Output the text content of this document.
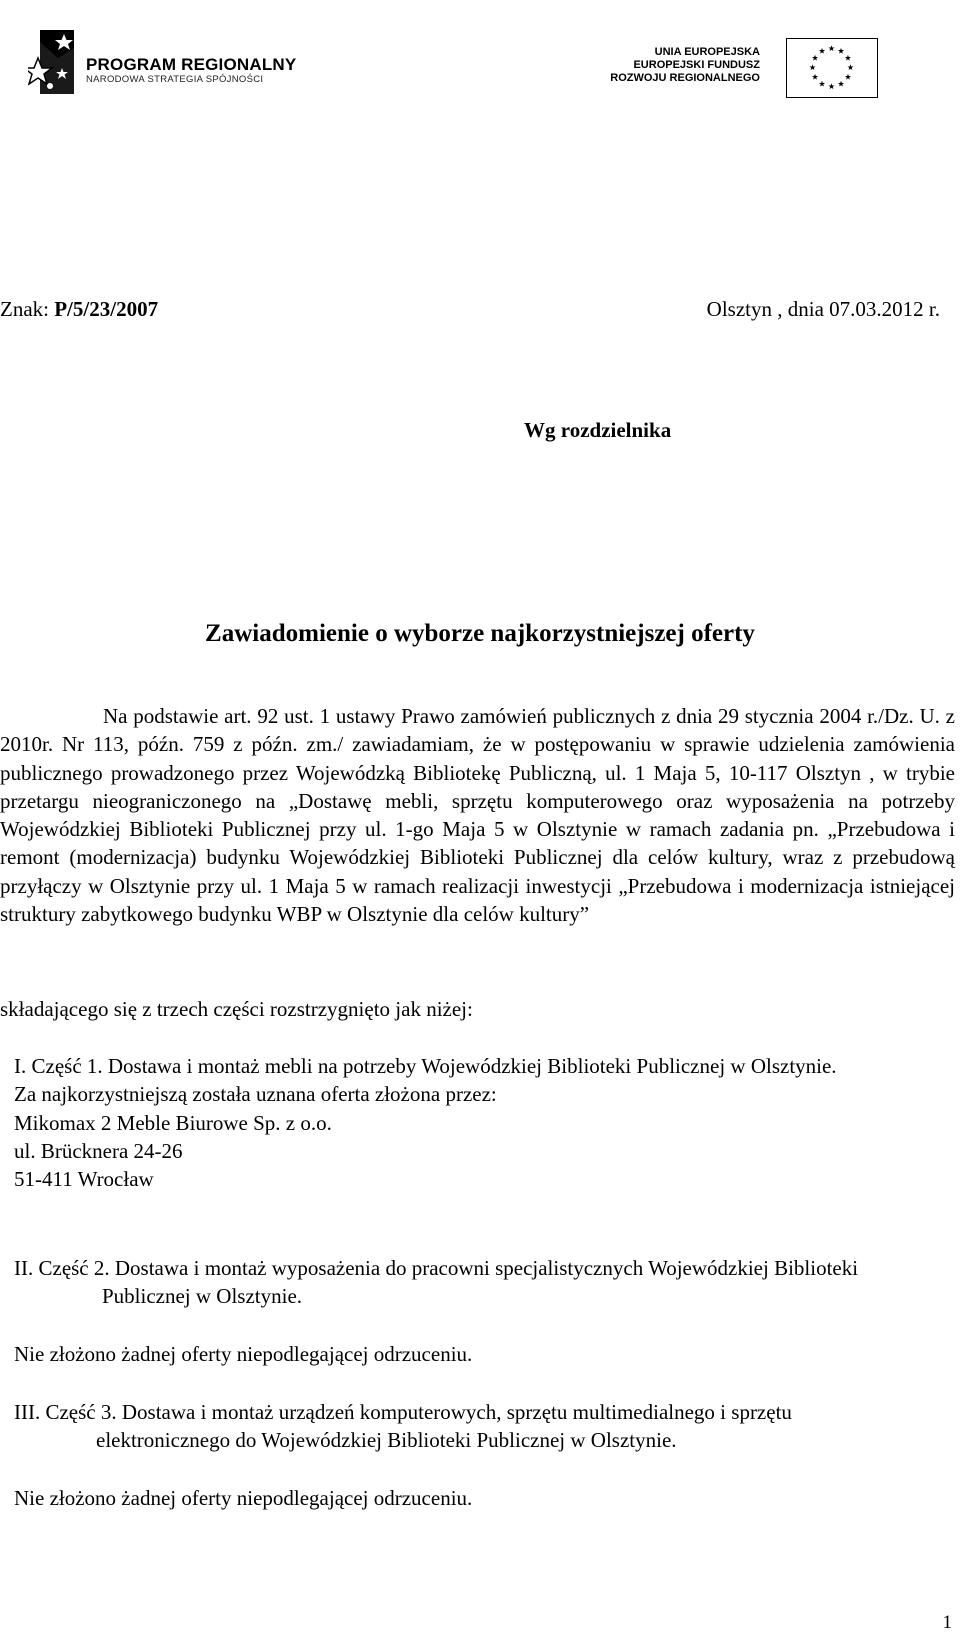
PROGRAM REGIONALNY
NARODOWA STRATEGIA SPÓJNOŚCI
UNIA EUROPEJSKA
EUROPEJSKI FUNDUSZ
ROZWOJU REGIONALNEGO
Znak: P/5/23/2007	Olsztyn , dnia 07.03.2012 r.
Wg rozdzielnika
Zawiadomienie o wyborze najkorzystniejszej oferty

Na podstawie art. 92 ust. 1 ustawy Prawo zamówień publicznych z dnia 29 stycznia 2004 r./Dz. U. z 2010r. Nr 113, późn. 759 z późn. zm./ zawiadamiam, że w postępowaniu w sprawie udzielenia zamówienia publicznego prowadzonego przez Wojewódzką Bibliotekę Publiczną, ul. 1 Maja 5, 10-117 Olsztyn , w trybie przetargu nieograniczonego na „Dostawę mebli, sprzętu komputerowego oraz wyposażenia na potrzeby Wojewódzkiej Biblioteki Publicznej przy ul. 1-go Maja 5 w Olsztynie w ramach zadania pn. „Przebudowa i remont (modernizacja) budynku Wojewódzkiej Biblioteki Publicznej dla celów kultury, wraz z przebudową przyłączy w Olsztynie przy ul. 1 Maja 5 w ramach realizacji inwestycji „Przebudowa i modernizacja istniejącej struktury zabytkowego budynku WBP w Olsztynie dla celów kultury”

składającego się z trzech części rozstrzygnięto jak niżej:
I. Część 1. Dostawa i montaż mebli na potrzeby Wojewódzkiej Biblioteki Publicznej w Olsztynie.
Za najkorzystniejszą została uznana oferta złożona przez:
Mikomax 2 Meble Biurowe Sp. z o.o.
ul. Brücknera 24-26
51-411 Wrocław
II. Część 2. Dostawa i montaż wyposażenia do pracowni specjalistycznych Wojewódzkiej Biblioteki Publicznej w Olsztynie.
Nie złożono żadnej oferty niepodlegającej odrzuceniu.
III. Część 3. Dostawa i montaż urządzeń komputerowych, sprzętu multimedialnego i sprzętu elektronicznego do Wojewódzkiej Biblioteki Publicznej w Olsztynie.
Nie złożono żadnej oferty niepodlegającej odrzuceniu.
1
